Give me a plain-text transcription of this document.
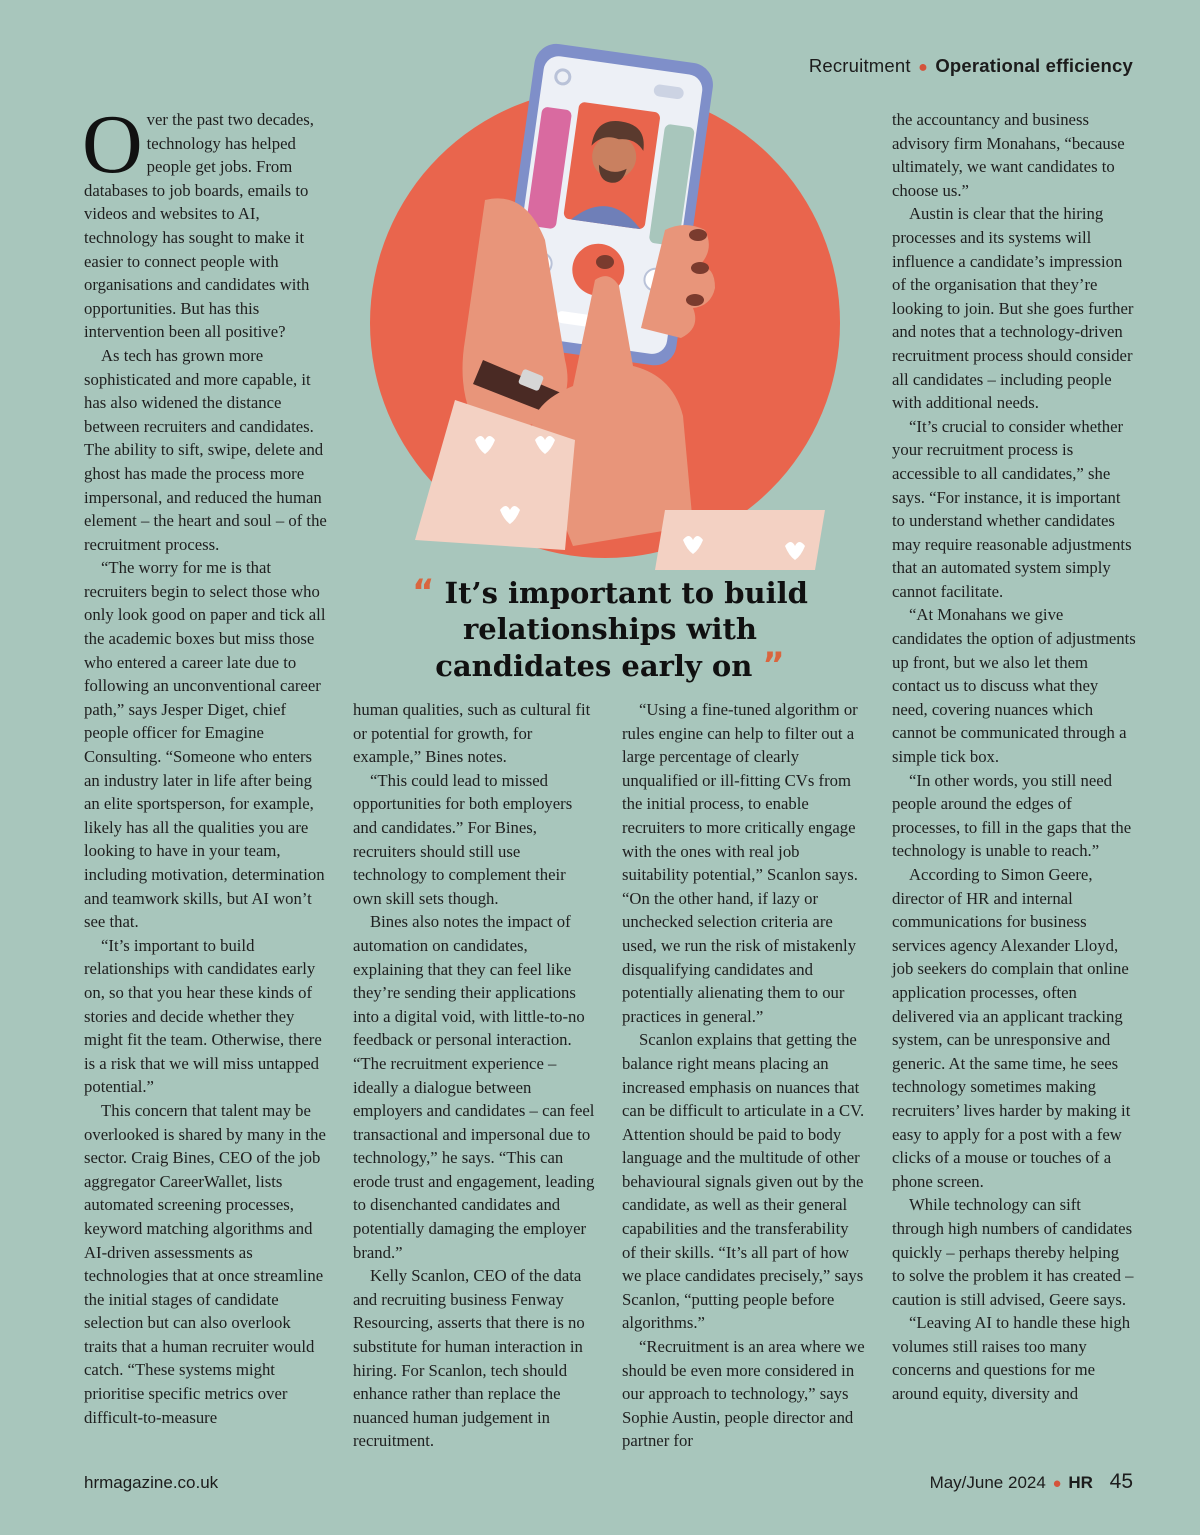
Recruitment ● Operational efficiency
“ It’s important to build relationships with candidates early on ”

Over the past two decades, technology has helped people get jobs. From databases to job boards, emails to videos and websites to AI, technology has sought to make it easier to connect people with organisations and candidates with opportunities. But has this intervention been all positive?

As tech has grown more sophisticated and more capable, it has also widened the distance between recruiters and candidates. The ability to sift, swipe, delete and ghost has made the process more impersonal, and reduced the human element – the heart and soul – of the recruitment process.

“The worry for me is that recruiters begin to select those who only look good on paper and tick all the academic boxes but miss those who entered a career late due to following an unconventional career path,” says Jesper Diget, chief people officer for Emagine Consulting. “Someone who enters an industry later in life after being an elite sportsperson, for example, likely has all the qualities you are looking to have in your team, including motivation, determination and teamwork skills, but AI won’t see that.

“It’s important to build relationships with candidates early on, so that you hear these kinds of stories and decide whether they might fit the team. Otherwise, there is a risk that we will miss untapped potential.”

This concern that talent may be overlooked is shared by many in the sector. Craig Bines, CEO of the job aggregator CareerWallet, lists automated screening processes, keyword matching algorithms and AI-driven assessments as technologies that at once streamline the initial stages of candidate selection but can also overlook traits that a human recruiter would catch. “These systems might prioritise specific metrics over difficult-to-measure

human qualities, such as cultural fit or potential for growth, for example,” Bines notes.

“This could lead to missed opportunities for both employers and candidates.” For Bines, recruiters should still use technology to complement their own skill sets though.

Bines also notes the impact of automation on candidates, explaining that they can feel like they’re sending their applications into a digital void, with little-to-no feedback or personal interaction. “The recruitment experience – ideally a dialogue between employers and candidates – can feel transactional and impersonal due to technology,” he says. “This can erode trust and engagement, leading to disenchanted candidates and potentially damaging the employer brand.”

Kelly Scanlon, CEO of the data and recruiting business Fenway Resourcing, asserts that there is no substitute for human interaction in hiring. For Scanlon, tech should enhance rather than replace the nuanced human judgement in recruitment.

“Using a fine-tuned algorithm or rules engine can help to filter out a large percentage of clearly unqualified or ill-fitting CVs from the initial process, to enable recruiters to more critically engage with the ones with real job suitability potential,” Scanlon says. “On the other hand, if lazy or unchecked selection criteria are used, we run the risk of mistakenly disqualifying candidates and potentially alienating them to our practices in general.”

Scanlon explains that getting the balance right means placing an increased emphasis on nuances that can be difficult to articulate in a CV. Attention should be paid to body language and the multitude of other behavioural signals given out by the candidate, as well as their general capabilities and the transferability of their skills. “It’s all part of how we place candidates precisely,” says Scanlon, “putting people before algorithms.”

“Recruitment is an area where we should be even more considered in our approach to technology,” says Sophie Austin, people director and partner for

the accountancy and business advisory firm Monahans, “because ultimately, we want candidates to choose us.”

Austin is clear that the hiring processes and its systems will influence a candidate’s impression of the organisation that they’re looking to join. But she goes further and notes that a technology-driven recruitment process should consider all candidates – including people with additional needs.

“It’s crucial to consider whether your recruitment process is accessible to all candidates,” she says. “For instance, it is important to understand whether candidates may require reasonable adjustments that an automated system simply cannot facilitate.

“At Monahans we give candidates the option of adjustments up front, but we also let them contact us to discuss what they need, covering nuances which cannot be communicated through a simple tick box.

“In other words, you still need people around the edges of processes, to fill in the gaps that the technology is unable to reach.”

According to Simon Geere, director of HR and internal communications for business services agency Alexander Lloyd, job seekers do complain that online application processes, often delivered via an applicant tracking system, can be unresponsive and generic. At the same time, he sees technology sometimes making recruiters’ lives harder by making it easy to apply for a post with a few clicks of a mouse or touches of a phone screen.

While technology can sift through high numbers of candidates quickly – perhaps thereby helping to solve the problem it has created – caution is still advised, Geere says.

“Leaving AI to handle these high volumes still raises too many concerns and questions for me around equity, diversity and

hrmagazine.co.uk	May/June 2024 ● HR 45
